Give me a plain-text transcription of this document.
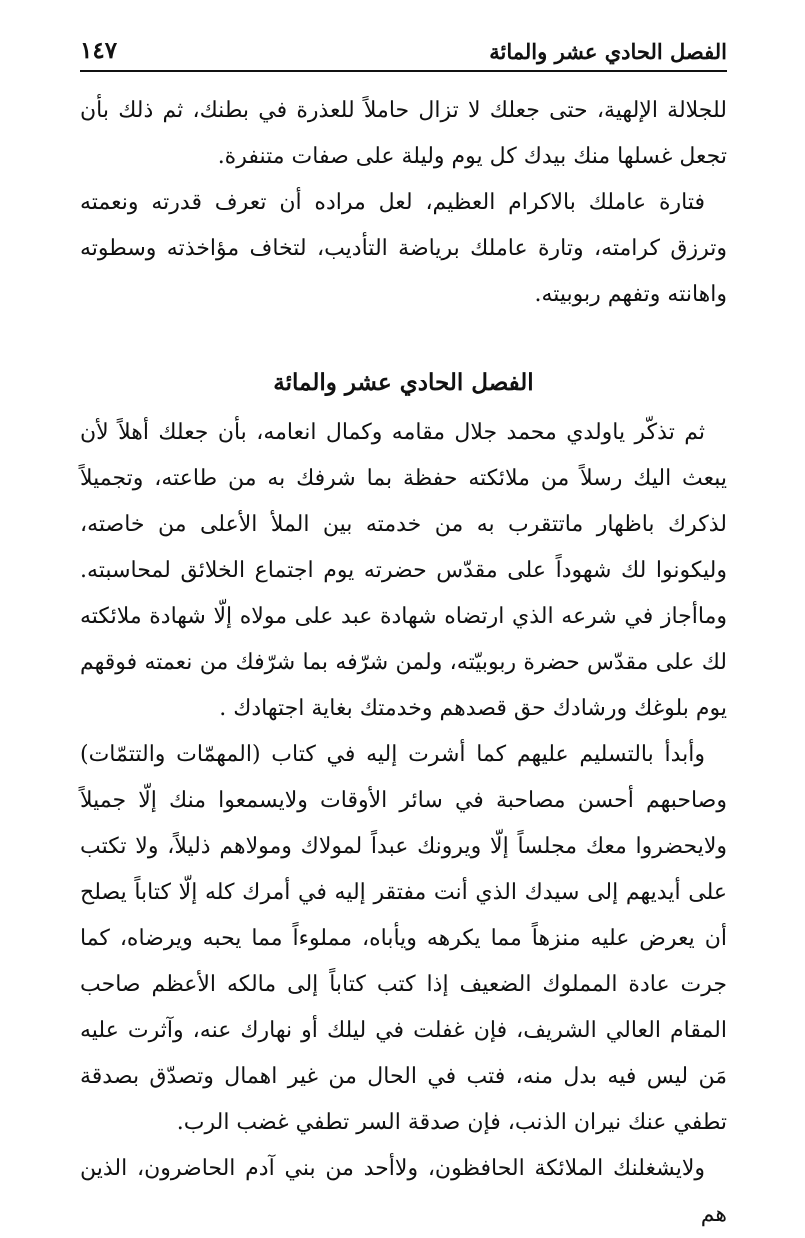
الفصل الحادي عشر والمائة
١٤٧

للجلالة الإلهية، حتى جعلك لا تزال حاملاً للعذرة في بطنك، ثم ذلك بأن تجعل غسلها منك بيدك كل يوم وليلة على صفات متنفرة.

فتارة عاملك بالاكرام العظيم، لعل مراده أن تعرف قدرته ونعمته وترزق كرامته، وتارة عاملك برياضة التأديب، لتخاف مؤاخذته وسطوته واهانته وتفهم ربوبيته.

الفصل الحادي عشر والمائة

ثم تذكّر ياولدي محمد جلال مقامه وكمال انعامه، بأن جعلك أهلاً لأن يبعث اليك رسلاً من ملائكته حفظة بما شرفك به من طاعته، وتجميلاً لذكرك باظهار ماتتقرب به من خدمته بين الملأ الأعلى من خاصته، وليكونوا لك شهوداً على مقدّس حضرته يوم اجتماع الخلائق لمحاسبته. وماأجاز في شرعه الذي ارتضاه شهادة عبد على مولاه إلّا شهادة ملائكته لك على مقدّس حضرة ربوبيّته، ولمن شرّفه بما شرّفك من نعمته فوقهم يوم بلوغك ورشادك حق قصدهم وخدمتك بغاية اجتهادك .

وأبدأ بالتسليم عليهم كما أشرت إليه في كتاب (المهمّات والتتمّات) وصاحبهم أحسن مصاحبة في سائر الأوقات ولايسمعوا منك إلّا جميلاً ولايحضروا معك مجلساً إلّا ويرونك عبداً لمولاك ومولاهم ذليلاً، ولا تكتب على أيديهم إلى سيدك الذي أنت مفتقر إليه في أمرك كله إلّا كتاباً يصلح أن يعرض عليه منزهاً مما يكرهه ويأباه، مملوءاً مما يحبه ويرضاه، كما جرت عادة المملوك الضعيف إذا كتب كتاباً إلى مالكه الأعظم صاحب المقام العالي الشريف، فإن غفلت في ليلك أو نهارك عنه، وآثرت عليه مَن ليس فيه بدل منه، فتب في الحال من غير اهمال وتصدّق بصدقة تطفي عنك نيران الذنب، فإن صدقة السر تطفي غضب الرب.

ولايشغلنك الملائكة الحافظون، ولاأحد من بني آدم الحاضرون، الذين هم
